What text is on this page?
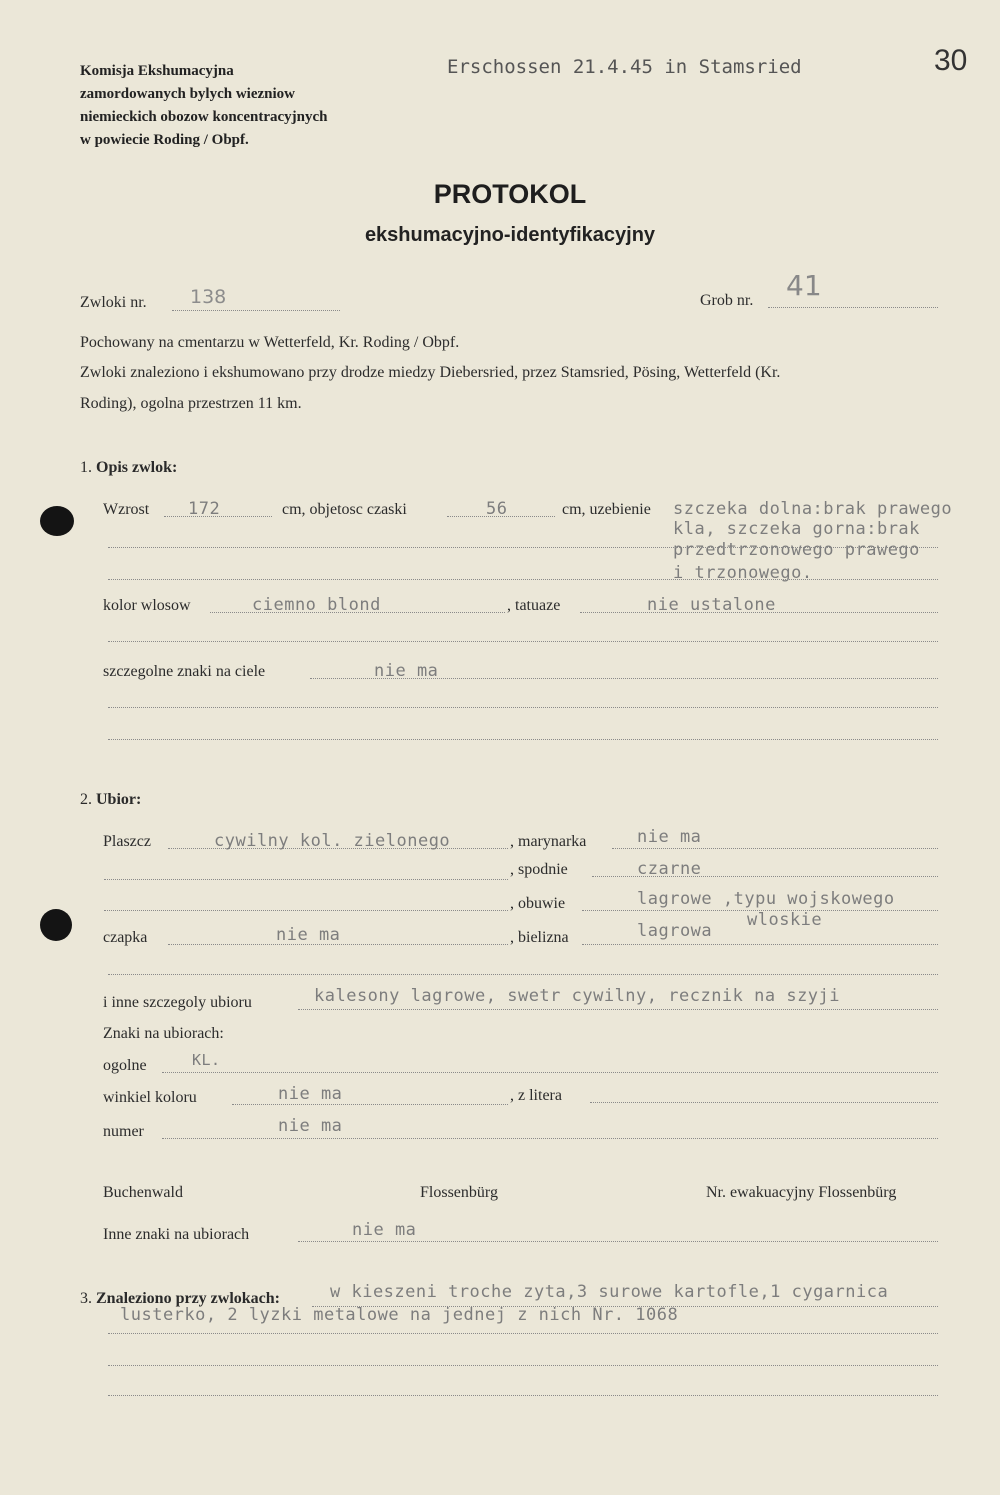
Komisja Ekshumacyjna
zamordowanych bylych wiezniow
niemieckich obozow koncentracyjnych
w powiecie Roding / Obpf.
Erschossen 21.4.45 in Stamsried	30
PROTOKOL
ekshumacyjno-identyfikacyjny
Zwloki nr. 138	Grob nr. 41
Pochowany na cmentarzu w Wetterfeld, Kr. Roding / Obpf.
Zwloki znaleziono i ekshumowano przy drodze miedzy Diebersried, przez Stamsried, Pösing, Wetterfeld (Kr.
Roding), ogolna przestrzen 11 km.
1. Opis zwlok:
Wzrost 172	cm, objetosc czaski	56	cm, uzebienie szczeka dolna:brak prawego
kla, szczeka gorna:brak
przedtrzonowego prawego
i trzonowego.
kolor wlosow	ciemno blond	, tatuaze	nie ustalone
szczegolne znaki na ciele	nie ma
2. Ubior:
Plaszcz	cywilny kol. zielonego	, marynarka	nie ma
, spodnie	czarne
, obuwie	lagrowe ,typu wojskowego
wloskie
czapka	nie ma	, bielizna	lagrowa
i inne szczegoly ubioru	kalesony lagrowe, swetr cywilny, recznik na szyji
Znaki na ubiorach:
ogolne	KL.
winkiel koloru	nie ma	, z litera
numer	nie ma
Buchenwald	Flossenbürg	Nr. ewakuacyjny Flossenbürg
Inne znaki na ubiorach	nie ma
3. Znaleziono przy zwlokach:	w kieszeni troche zyta,3 surowe kartofle,1 cygarnica
lusterko, 2 lyzki metalowe na jednej z nich Nr. 1068
